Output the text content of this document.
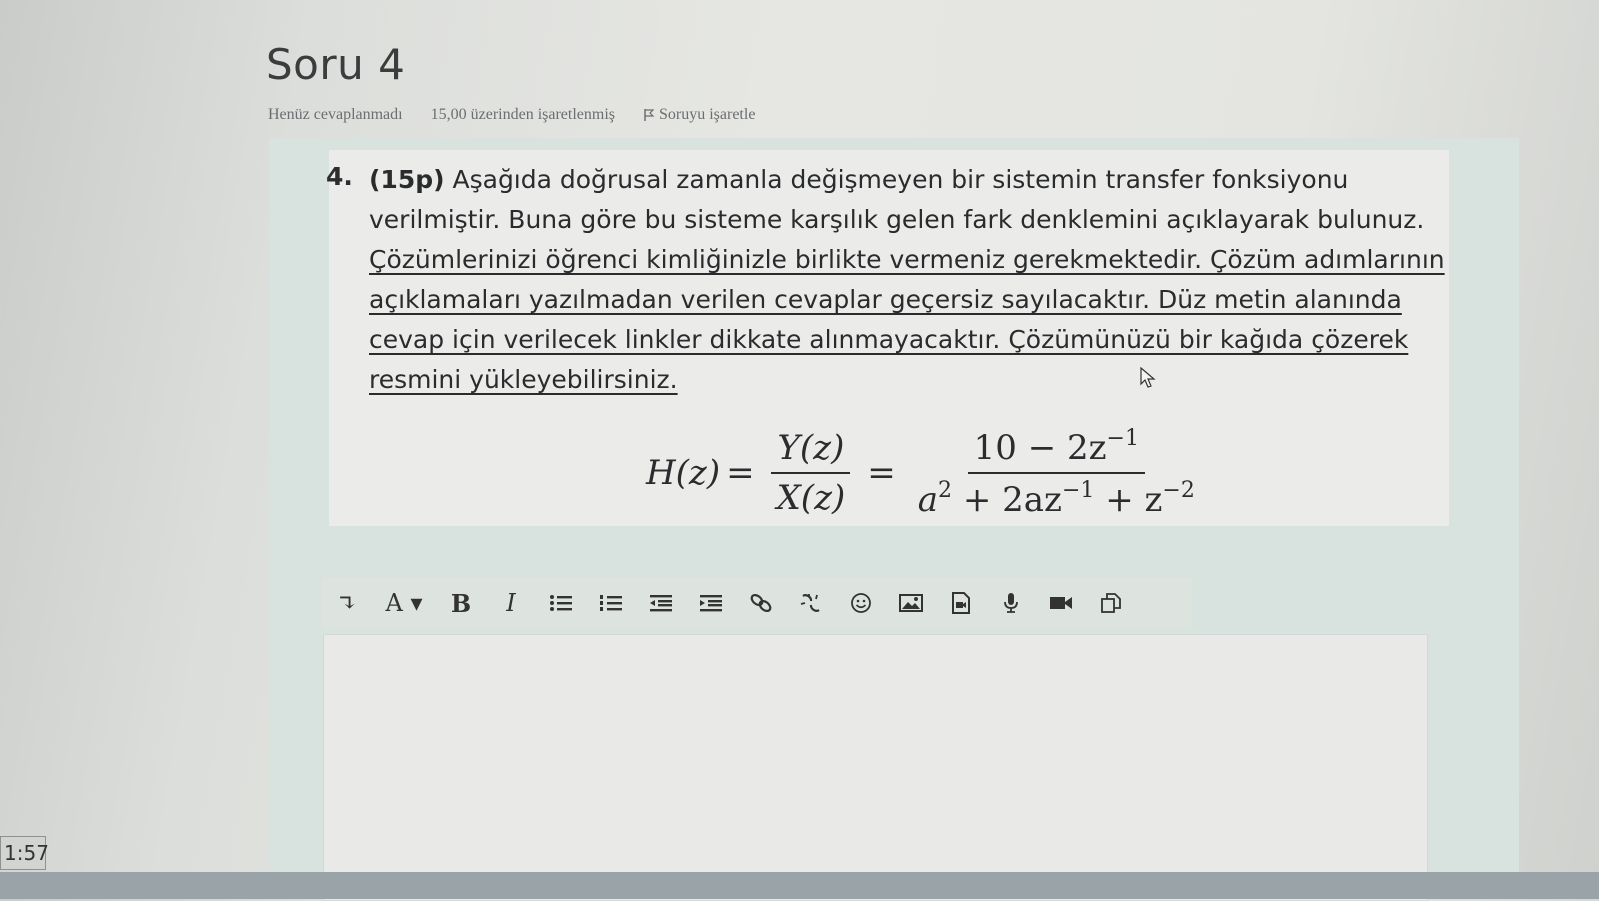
Soru 4
Henüz cevaplanmadı 15,00 üzerinden işaretlenmiş	Soruyu işaretle
4. (15p) Aşağıda doğrusal zamanla değişmeyen bir sistemin transfer fonksiyonu verilmiştir. Buna göre bu sisteme karşılık gelen fark denklemini açıklayarak bulunuz. Çözümlerinizi öğrenci kimliğinizle birlikte vermeniz gerekmektedir. Çözüm adımlarının açıklamaları yazılmadan verilen cevaplar geçersiz sayılacaktır. Düz metin alanında cevap için verilecek linkler dikkate alınmayacaktır. Çözümünüzü bir kağıda çözerek resmini yükleyebilirsiniz.
$H(z) = \frac{Y(z)}{X(z)} = \frac{10 - 2z^{-1}}{a^2 + 2az^{-1} + z^{-2}}$
↴	A ▾	B	I
1:57
